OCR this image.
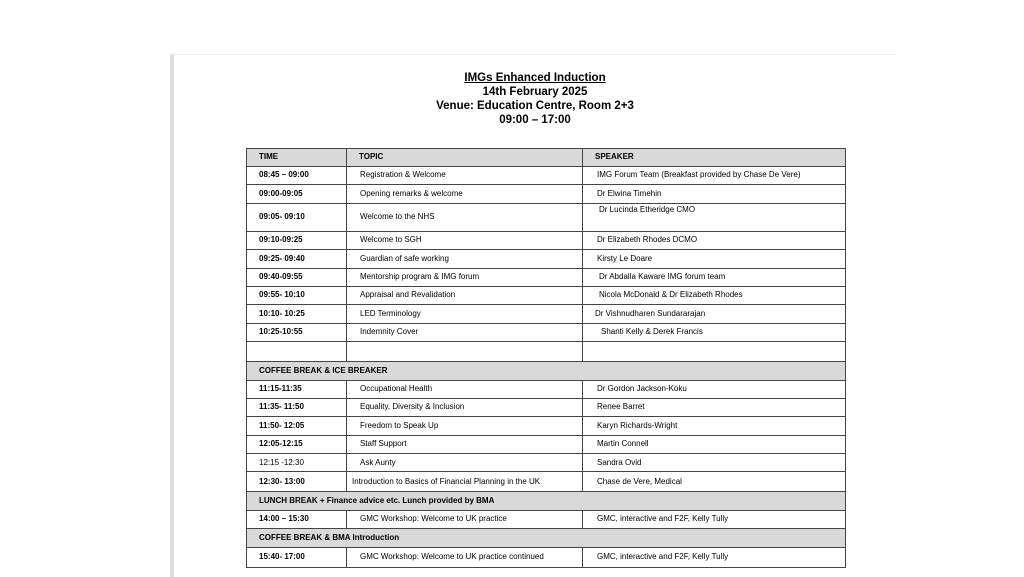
IMGs Enhanced Induction
14th February 2025
Venue: Education Centre, Room 2+3
09:00 – 17:00
TIME	TOPIC	SPEAKER
08:45 – 09:00	Registration & Welcome	IMG Forum Team (Breakfast provided by Chase De Vere)
09:00-09:05	Opening remarks & welcome	Dr Elwina Timehin
09:05- 09:10	Welcome to the NHS	Dr Lucinda Etheridge CMO
09:10-09:25	Welcome to SGH	Dr Elizabeth Rhodes DCMO
09:25- 09:40	Guardian of safe working	Kirsty Le Doare
09:40-09:55	Mentorship program & IMG forum	Dr Abdalla Kaware IMG forum team
09:55- 10:10	Appraisal and Revalidation	Nicola McDonald & Dr Elizabeth Rhodes
10:10- 10:25	LED Terminology	Dr Vishnudharen Sundararajan
10:25-10:55	Indemnity Cover	Shanti Kelly & Derek Francis

COFFEE BREAK & ICE BREAKER		
11:15-11:35	Occupational Health	Dr Gordon Jackson-Koku
11:35- 11:50	Equality, Diversity & Inclusion	Renee Barret
11:50- 12:05	Freedom to Speak Up	Karyn Richards-Wright
12:05-12:15	Staff Support	Martin Connell
12:15 -12:30	Ask Aunty	Sandra Ovid
12:30- 13:00	Introduction to Basics of Financial Planning in the UK	Chase de Vere, Medical
LUNCH BREAK + Finance advice etc. Lunch provided by BMA		
14:00 – 15:30	GMC Workshop: Welcome to UK practice	GMC, interactive and F2F, Kelly Tully
COFFEE BREAK & BMA Introduction		
15:40- 17:00	GMC Workshop: Welcome to UK practice continued	GMC, interactive and F2F, Kelly Tully
